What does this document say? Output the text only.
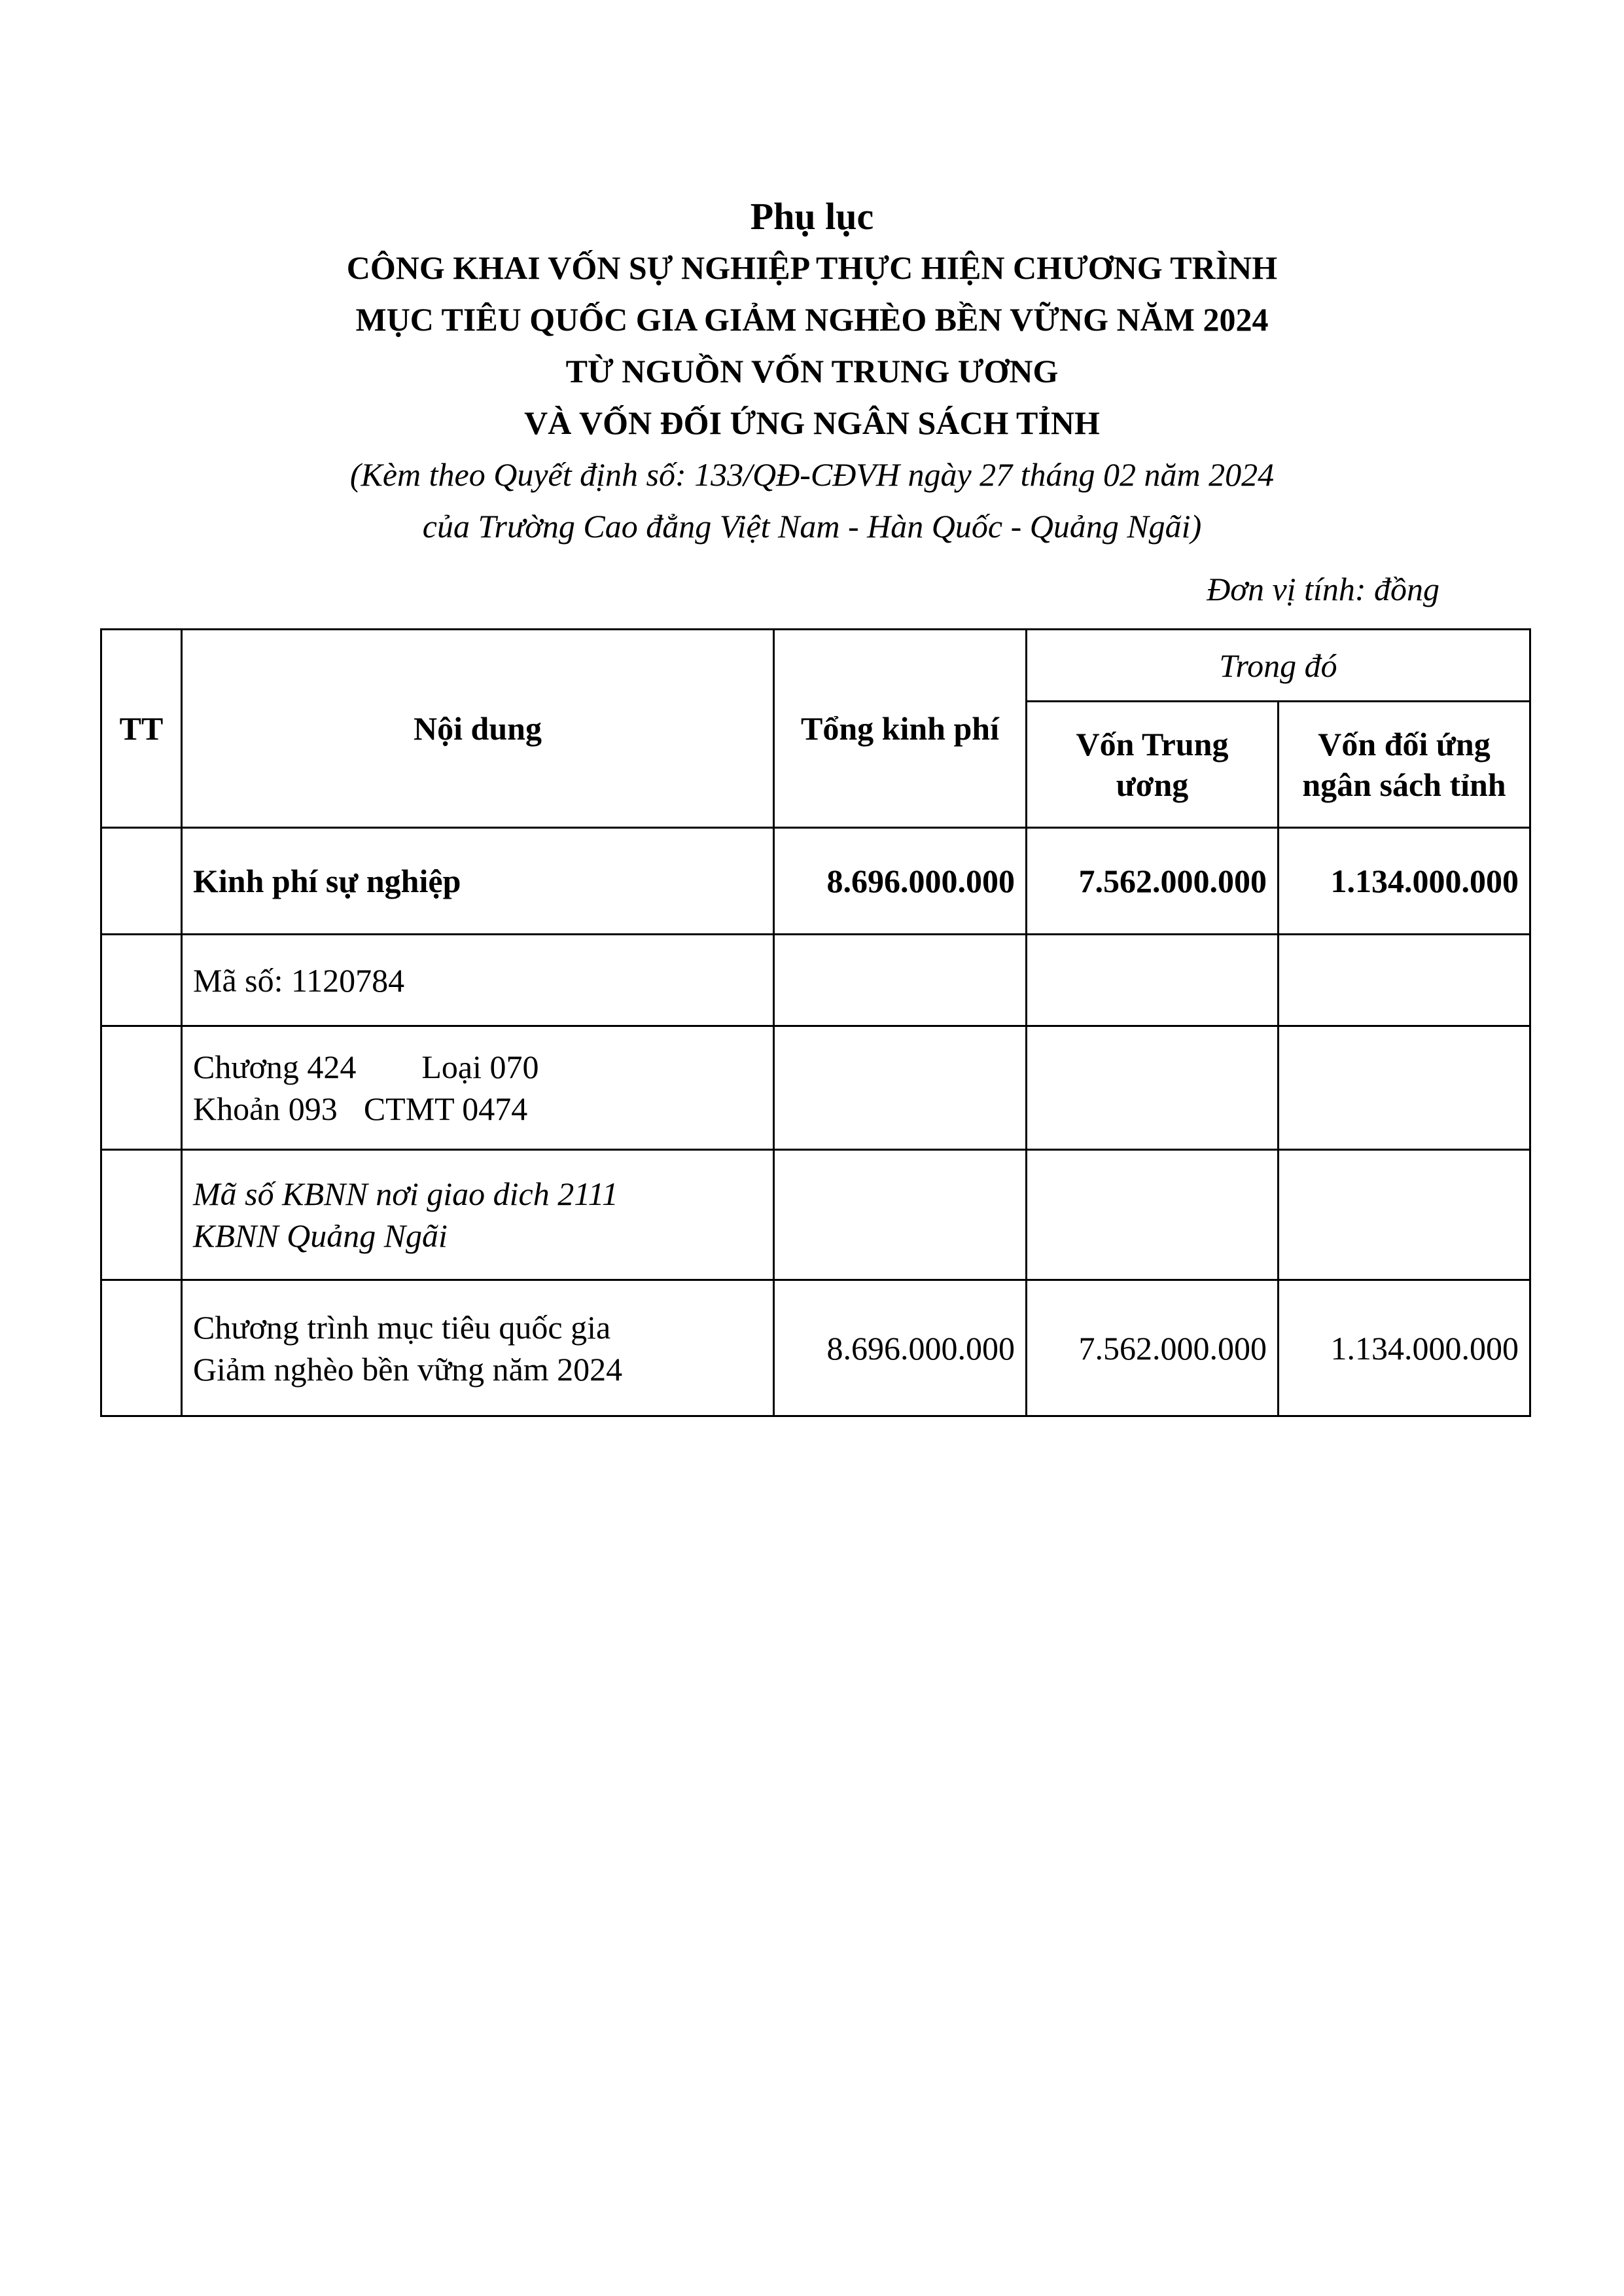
Phụ lục
CÔNG KHAI VỐN SỰ NGHIỆP THỰC HIỆN CHƯƠNG TRÌNH
MỤC TIÊU QUỐC GIA GIẢM NGHÈO BỀN VỮNG NĂM 2024
TỪ NGUỒN VỐN TRUNG ƯƠNG
VÀ VỐN ĐỐI ỨNG NGÂN SÁCH TỈNH
(Kèm theo Quyết định số: 133/QĐ-CĐVH ngày 27 tháng 02 năm 2024
của Trường Cao đẳng Việt Nam - Hàn Quốc - Quảng Ngãi)
Đơn vị tính: đồng
TT	Nội dung	Tổng kinh phí	Trong đó	
			Vốn Trung ương	Vốn đối ứng ngân sách tỉnh
	Kinh phí sự nghiệp	8.696.000.000	7.562.000.000	1.134.000.000
	Mã số: 1120784			

	Chương 424 Loại 070
Khoản 093 CTMT 0474			

	Mã số KBNN nơi giao dich 2111
KBNN Quảng Ngãi			

	Chương trình mục tiêu quốc gia
Giảm nghèo bền vững năm 2024	8.696.000.000	7.562.000.000	1.134.000.000
